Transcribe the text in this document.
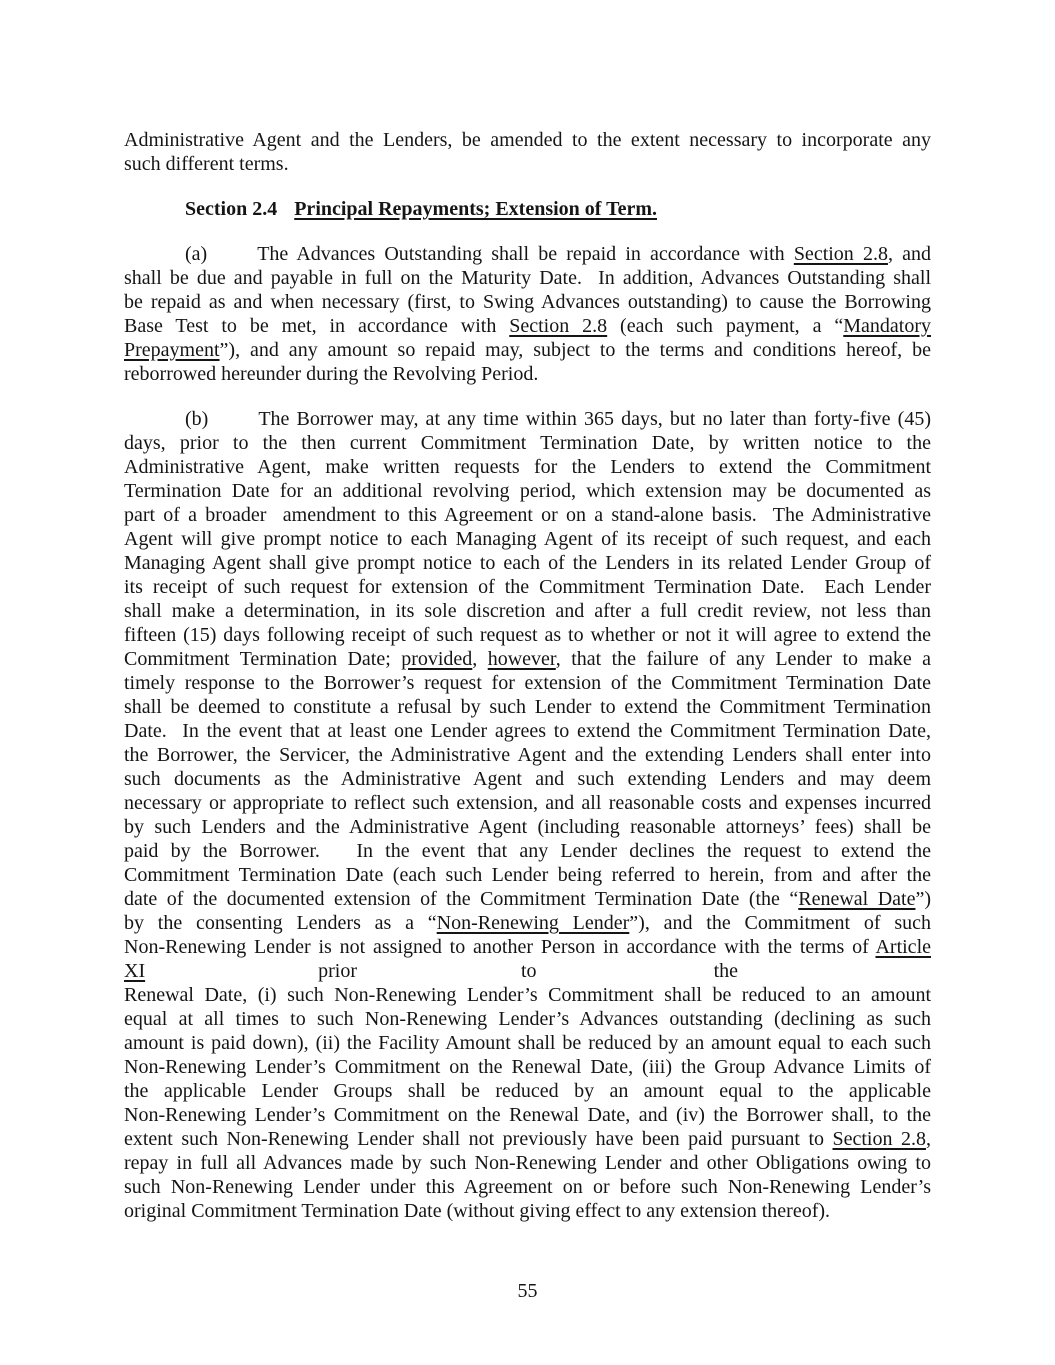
Administrative Agent and the Lenders, be amended to the extent necessary to incorporate any
such different terms.
Section 2.4 Principal Repayments; Extension of Term.
(a)	The Advances Outstanding shall be repaid in accordance with Section 2.8, and
shall be due and payable in full on the Maturity Date.  In addition, Advances Outstanding shall
be repaid as and when necessary (first, to Swing Advances outstanding) to cause the Borrowing
Base Test to be met, in accordance with Section 2.8 (each such payment, a “Mandatory
Prepayment”), and any amount so repaid may, subject to the terms and conditions hereof, be
reborrowed hereunder during the Revolving Period.
(b)	The Borrower may, at any time within 365 days, but no later than forty-five (45)
days, prior to the then current Commitment Termination Date, by written notice to the
Administrative Agent, make written requests for the Lenders to extend the Commitment
Termination Date for an additional revolving period, which extension may be documented as
part of a broader  amendment to this Agreement or on a stand-alone basis.  The Administrative
Agent will give prompt notice to each Managing Agent of its receipt of such request, and each
Managing Agent shall give prompt notice to each of the Lenders in its related Lender Group of
its receipt of such request for extension of the Commitment Termination Date.  Each Lender
shall make a determination, in its sole discretion and after a full credit review, not less than
fifteen (15) days following receipt of such request as to whether or not it will agree to extend the
Commitment Termination Date; provided, however, that the failure of any Lender to make a
timely response to the Borrower’s request for extension of the Commitment Termination Date
shall be deemed to constitute a refusal by such Lender to extend the Commitment Termination
Date.  In the event that at least one Lender agrees to extend the Commitment Termination Date,
the Borrower, the Servicer, the Administrative Agent and the extending Lenders shall enter into
such documents as the Administrative Agent and such extending Lenders and may deem
necessary or appropriate to reflect such extension, and all reasonable costs and expenses incurred
by such Lenders and the Administrative Agent (including reasonable attorneys’ fees) shall be
paid by the Borrower.   In the event that any Lender declines the request to extend the
Commitment Termination Date (each such Lender being referred to herein, from and after the
date of the documented extension of the Commitment Termination Date (the “Renewal Date”)
by the consenting Lenders as a “Non-Renewing Lender”), and the Commitment of such
Non-Renewing Lender is not assigned to another Person in accordance with the terms of Article
XI	prior	to	the
Renewal Date, (i) such Non-Renewing Lender’s Commitment shall be reduced to an amount
equal at all times to such Non-Renewing Lender’s Advances outstanding (declining as such
amount is paid down), (ii) the Facility Amount shall be reduced by an amount equal to each such
Non-Renewing Lender’s Commitment on the Renewal Date, (iii) the Group Advance Limits of
the applicable Lender Groups shall be reduced by an amount equal to the applicable
Non-Renewing Lender’s Commitment on the Renewal Date, and (iv) the Borrower shall, to the
extent such Non-Renewing Lender shall not previously have been paid pursuant to Section 2.8,
repay in full all Advances made by such Non-Renewing Lender and other Obligations owing to
such Non-Renewing Lender under this Agreement on or before such Non-Renewing Lender’s
original Commitment Termination Date (without giving effect to any extension thereof).
55
